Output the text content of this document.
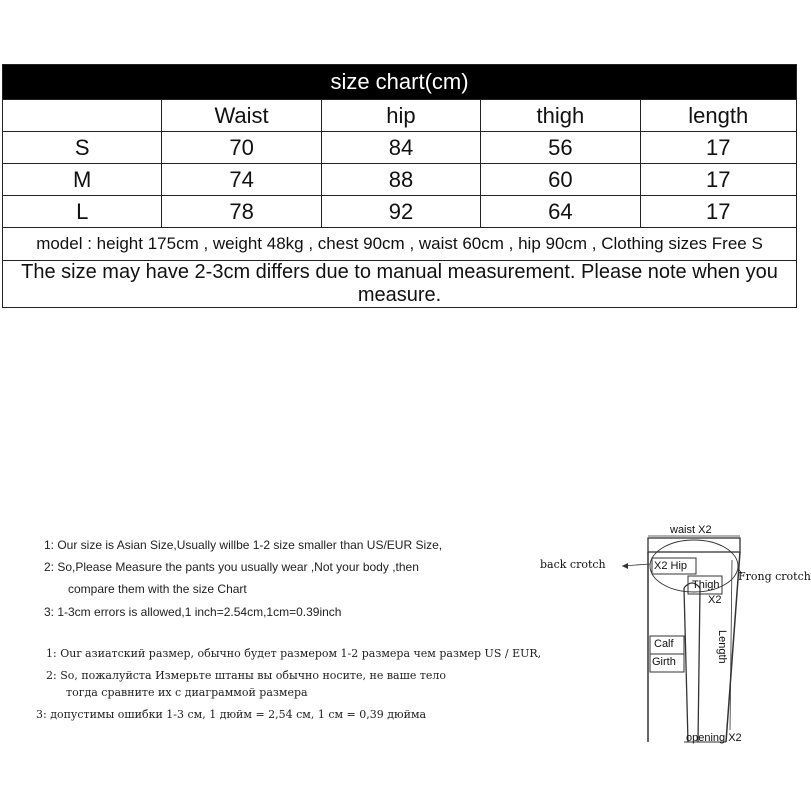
size chart(cm)				
	Waist	hip	thigh	length
S	70	84	56	17
M	74	88	60	17
L	78	92	64	17
model : height 175cm , weight 48kg , chest 90cm , waist 60cm , hip 90cm , Clothing sizes Free S				
The size may have 2-3cm differs due to manual measurement. Please note when you measure.				
1: Our size is Asian Size,Usually willbe 1-2 size smaller than US/EUR Size,
2: So,Please Measure the pants you usually wear ,Not your body ,then
compare them with the size Chart
3: 1-3cm errors is allowed,1 inch=2.54cm,1cm=0.39inch
1: Our азиатский размер, обычно будет размером 1-2 размера чем размер US / EUR,
2: So, пожалуйста Измерьте штаны вы обычно носите, не ваше тело
тогда сравните их с диаграммой размера
3: допустимы ошибки 1-3 см, 1 дюйм = 2,54 см, 1 см = 0,39 дюйма
waist X2
back crotch	X2 Hip
Frong crotch
Thigh
X2
Length
Calf
Girth
opening X2
